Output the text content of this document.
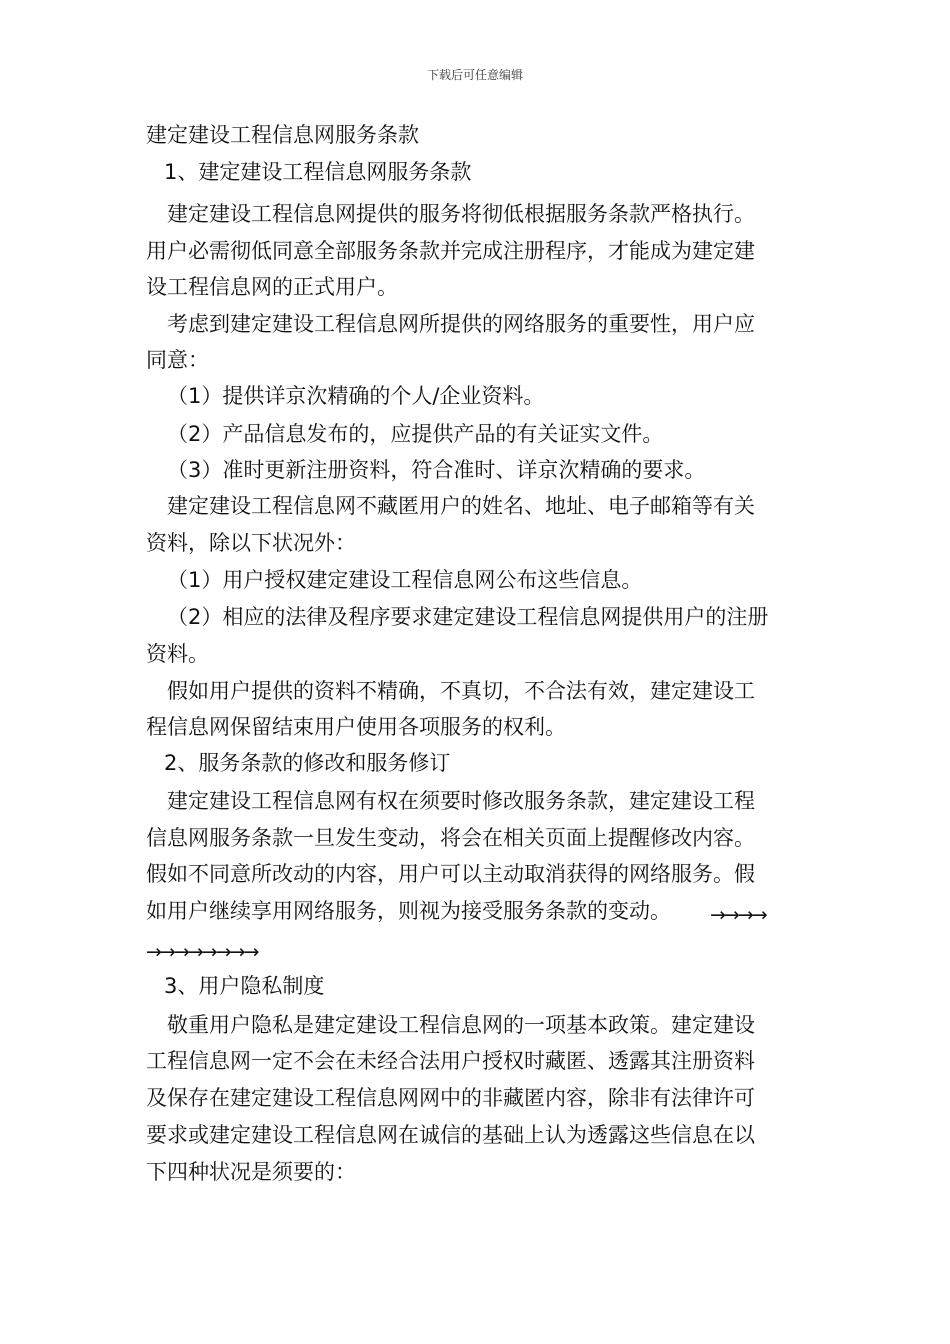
下载后可任意编辑
建定建设工程信息网服务条款
1、建定建设工程信息网服务条款
建定建设工程信息网提供的服务将彻低根据服务条款严格执行。
用户必需彻低同意全部服务条款并完成注册程序，才能成为建定建
设工程信息网的正式用户。
考虑到建定建设工程信息网所提供的网络服务的重要性，用户应
同意：
（1）提供详京㳄精确的个人/企业资料。
（2）产品信息发布的，应提供产品的有关证实文件。
（3）准时更新注册资料，符合准时、详京㳄精确的要求。
建定建设工程信息网不藏匿用户的姓名、地址、电子邮箱等有关
资料，除以下状况外：
（1）用户授权建定建设工程信息网公布这些信息。
（2）相应的法律及程序要求建定建设工程信息网提供用户的注册
资料。
假如用户提供的资料不精确，不真切，不合法有效，建定建设工
程信息网保留结束用户使用各项服务的权利。
2、服务条款的修改和服务修订
建定建设工程信息网有权在须要时修改服务条款，建定建设工程
信息网服务条款一旦发生变动，将会在相关页面上提醒修改内容。
假如不同意所改动的内容，用户可以主动取消获得的网络服务。假
如用户继续享用网络服务，则视为接受服务条款的变动。 →→→→
→→→→→→→→
3、用户隐私制度
敬重用户隐私是建定建设工程信息网的一项基本政策。建定建设
工程信息网一定不会在未经合法用户授权时藏匿、透露其注册资料
及保存在建定建设工程信息网网中的非藏匿内容，除非有法律许可
要求或建定建设工程信息网在诚信的基础上认为透露这些信息在以
下四种状况是须要的：
